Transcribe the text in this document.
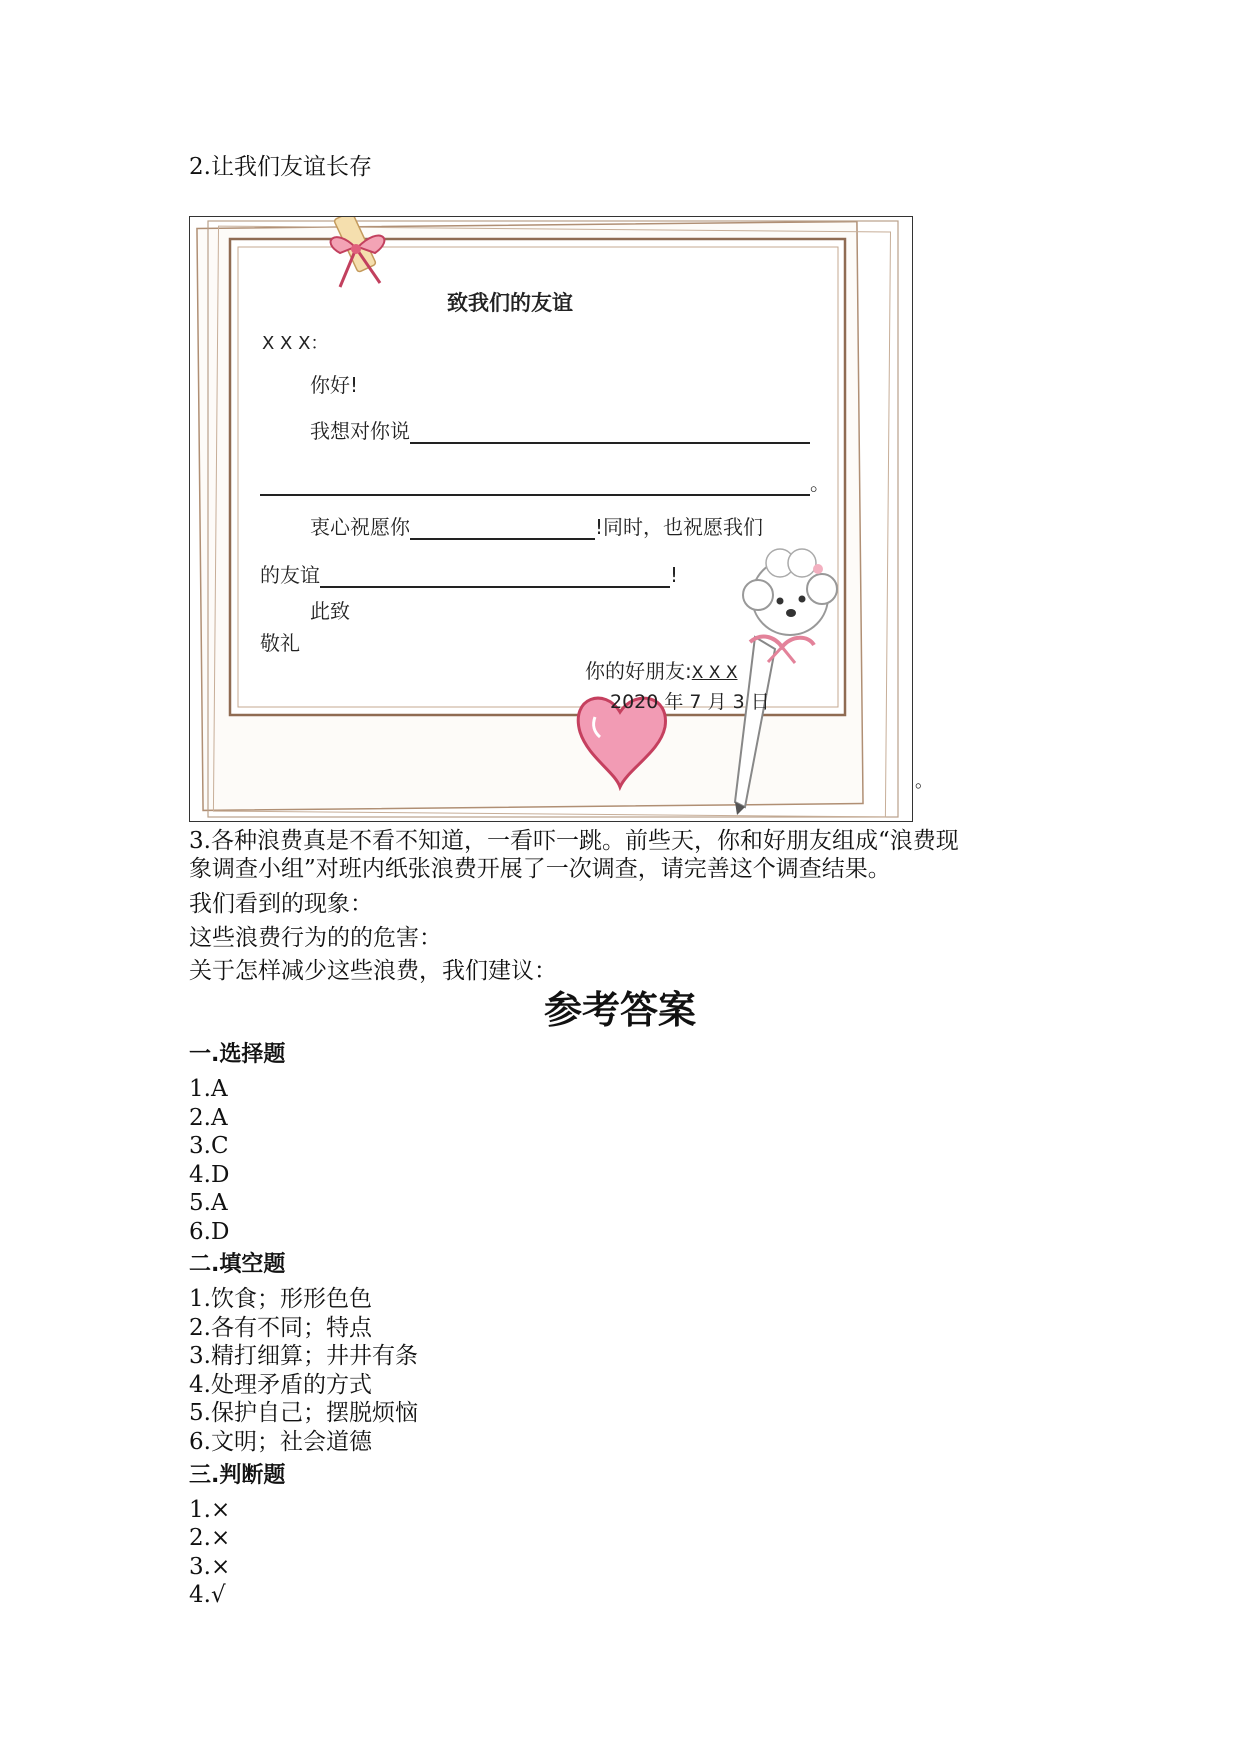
2.让我们友谊长存
致我们的友谊
X X X：
你好!
我想对你说
。
衷心祝愿你	!同时，也祝愿我们
的友谊	!
此致
敬礼
你的好朋友:X X X
2020 年 7 月 3 日
。
3.各种浪费真是不看不知道，一看吓一跳。前些天，你和好朋友组成“浪费现
象调查小组”对班内纸张浪费开展了一次调查，请完善这个调查结果。
我们看到的现象：
这些浪费行为的的危害：
关于怎样减少这些浪费，我们建议：
参考答案
一.选择题
1.A
2.A
3.C
4.D
5.A
6.D
二.填空题
1.饮食；形形色色
2.各有不同；特点
3.精打细算；井井有条
4.处理矛盾的方式
5.保护自己；摆脱烦恼
6.文明；社会道德
三.判断题
1.×
2.×
3.×
4.√
